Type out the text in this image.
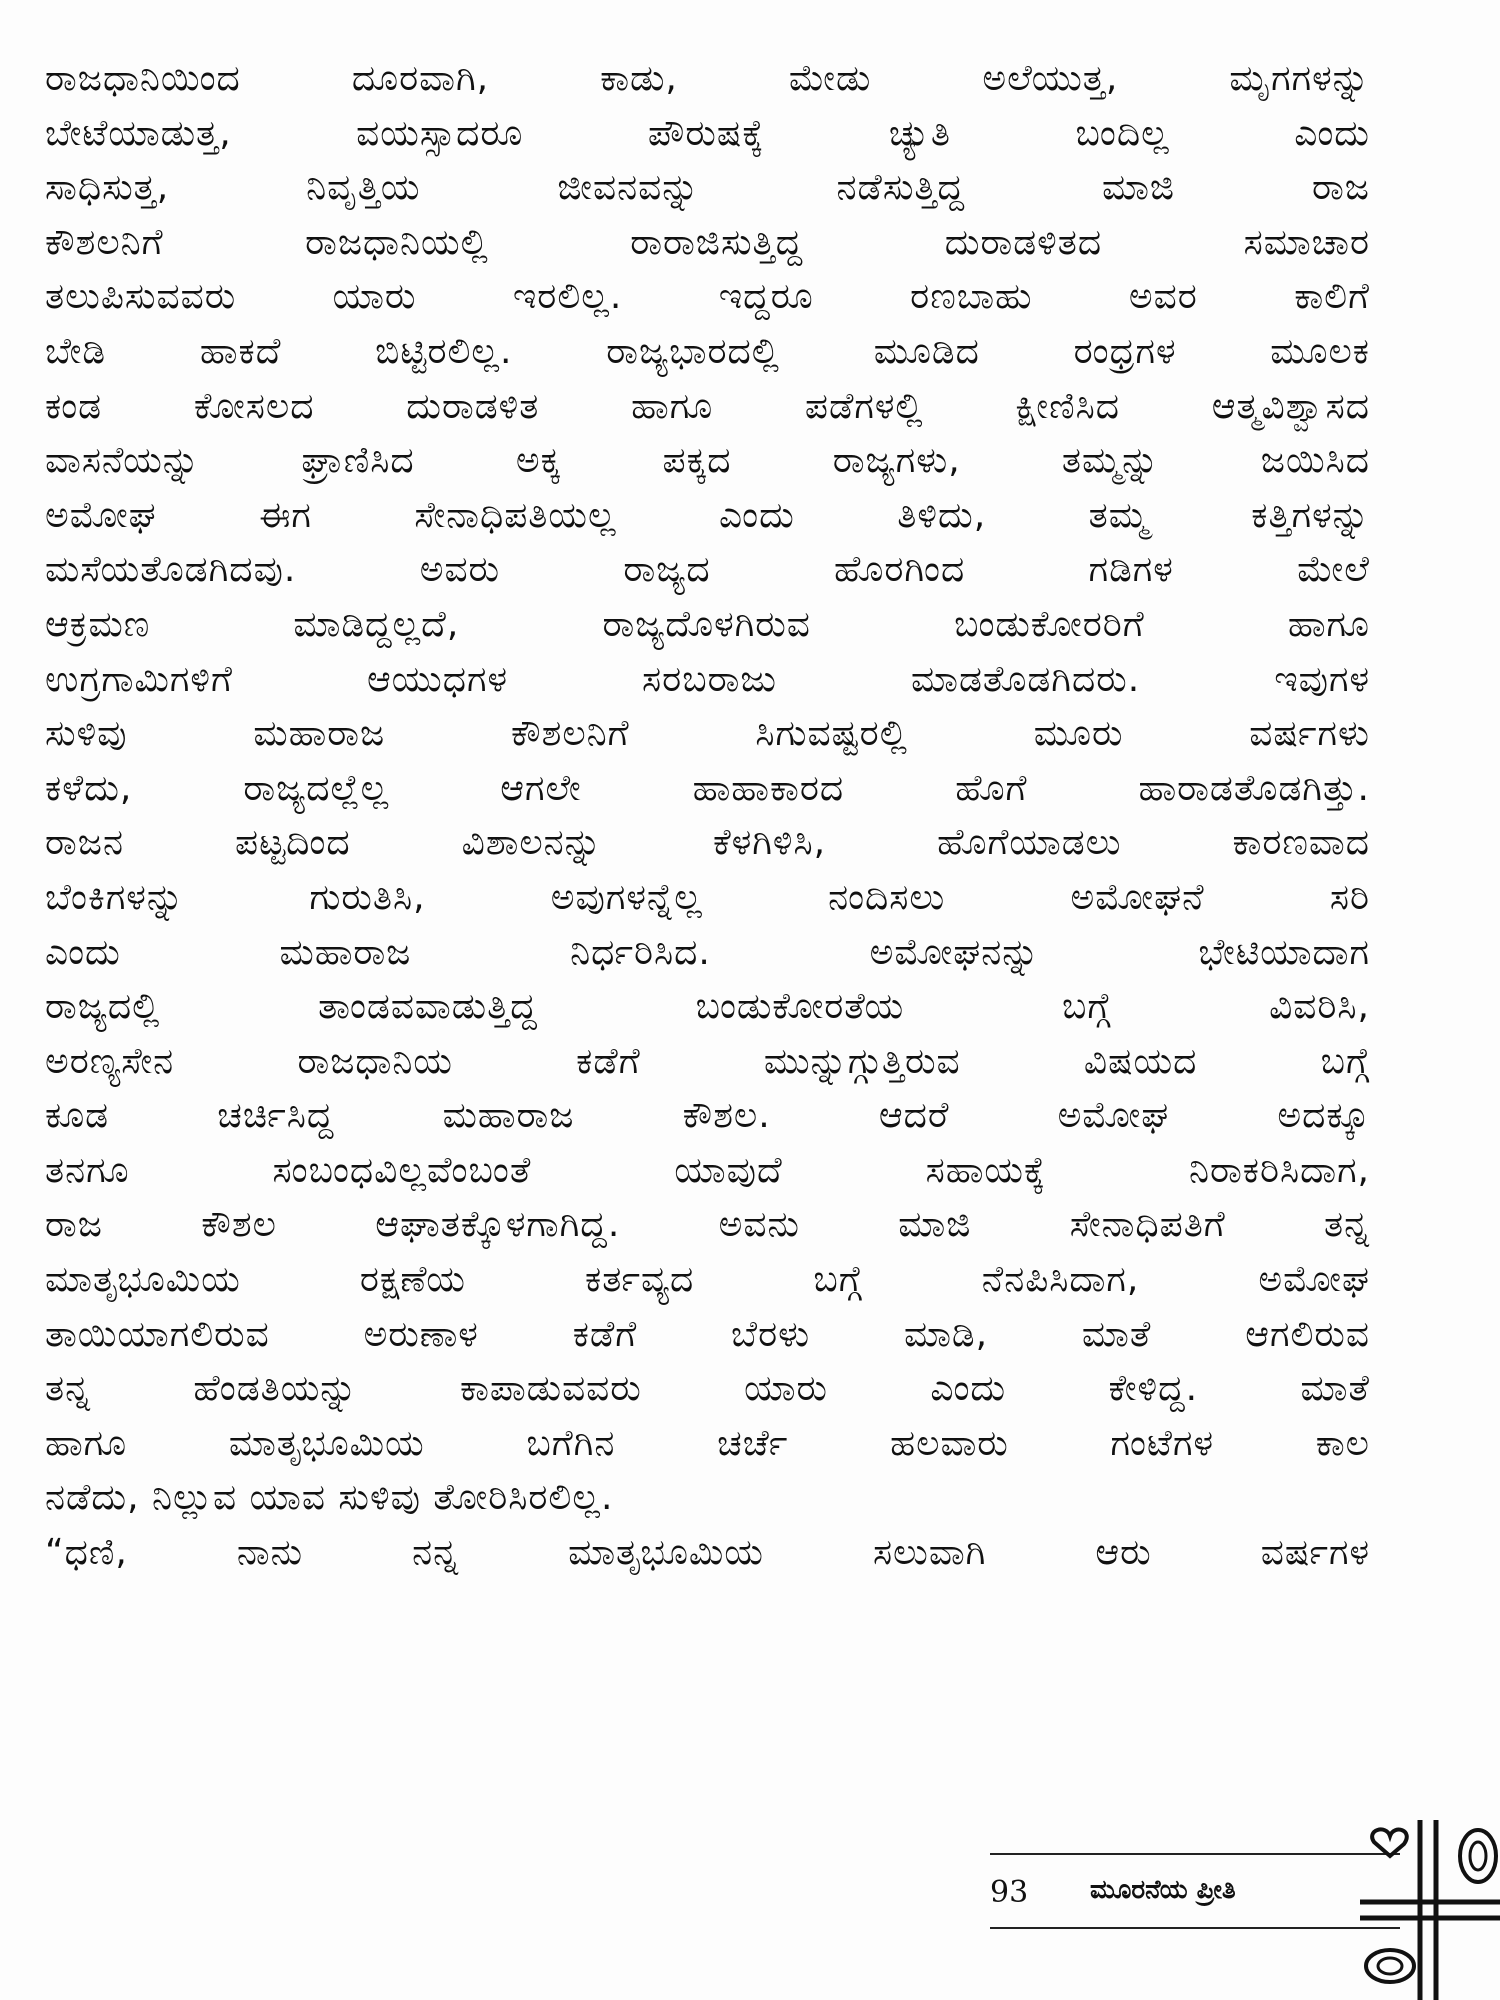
ರಾಜಧಾನಿಯಿಂದ ದೂರವಾಗಿ, ಕಾಡು, ಮೇಡು ಅಲೆಯುತ್ತ, ಮೃಗಗಳನ್ನು
ಬೇಟೆಯಾಡುತ್ತ, ವಯಸ್ಸಾದರೂ ಪೌರುಷಕ್ಕೆ ಚ್ಯುತಿ ಬಂದಿಲ್ಲ ಎಂದು
ಸಾಧಿಸುತ್ತ, ನಿವೃತ್ತಿಯ ಜೀವನವನ್ನು ನಡೆಸುತ್ತಿದ್ದ ಮಾಜಿ ರಾಜ
ಕೌಶಲನಿಗೆ ರಾಜಧಾನಿಯಲ್ಲಿ ರಾರಾಜಿಸುತ್ತಿದ್ದ ದುರಾಡಳಿತದ ಸಮಾಚಾರ
ತಲುಪಿಸುವವರು ಯಾರು ಇರಲಿಲ್ಲ. ಇದ್ದರೂ ರಣಬಾಹು ಅವರ ಕಾಲಿಗೆ
ಬೇಡಿ ಹಾಕದೆ ಬಿಟ್ಟಿರಲಿಲ್ಲ. ರಾಜ್ಯಭಾರದಲ್ಲಿ ಮೂಡಿದ ರಂಧ್ರಗಳ ಮೂಲಕ
ಕಂಡ ಕೋಸಲದ ದುರಾಡಳಿತ ಹಾಗೂ ಪಡೆಗಳಲ್ಲಿ ಕ್ಷೀಣಿಸಿದ ಆತ್ಮವಿಶ್ವಾಸದ
ವಾಸನೆಯನ್ನು ಘ್ರಾಣಿಸಿದ ಅಕ್ಕ ಪಕ್ಕದ ರಾಜ್ಯಗಳು, ತಮ್ಮನ್ನು ಜಯಿಸಿದ
ಅಮೋಘ ಈಗ ಸೇನಾಧಿಪತಿಯಲ್ಲ ಎಂದು ತಿಳಿದು, ತಮ್ಮ ಕತ್ತಿಗಳನ್ನು
ಮಸೆಯತೊಡಗಿದವು. ಅವರು ರಾಜ್ಯದ ಹೊರಗಿಂದ ಗಡಿಗಳ ಮೇಲೆ
ಆಕ್ರಮಣ ಮಾಡಿದ್ದಲ್ಲದೆ, ರಾಜ್ಯದೊಳಗಿರುವ ಬಂಡುಕೋರರಿಗೆ ಹಾಗೂ
ಉಗ್ರಗಾಮಿಗಳಿಗೆ ಆಯುಧಗಳ ಸರಬರಾಜು ಮಾಡತೊಡಗಿದರು. ಇವುಗಳ
ಸುಳಿವು ಮಹಾರಾಜ ಕೌಶಲನಿಗೆ ಸಿಗುವಷ್ಟರಲ್ಲಿ ಮೂರು ವರ್ಷಗಳು
ಕಳೆದು, ರಾಜ್ಯದಲ್ಲೆಲ್ಲ ಆಗಲೇ ಹಾಹಾಕಾರದ ಹೊಗೆ ಹಾರಾಡತೊಡಗಿತ್ತು.
ರಾಜನ ಪಟ್ಟದಿಂದ ವಿಶಾಲನನ್ನು ಕೆಳಗಿಳಿಸಿ, ಹೊಗೆಯಾಡಲು ಕಾರಣವಾದ
ಬೆಂಕಿಗಳನ್ನು ಗುರುತಿಸಿ, ಅವುಗಳನ್ನೆಲ್ಲ ನಂದಿಸಲು ಅಮೋಘನೆ ಸರಿ
ಎಂದು ಮಹಾರಾಜ ನಿರ್ಧರಿಸಿದ. ಅಮೋಘನನ್ನು ಭೇಟಿಯಾದಾಗ
ರಾಜ್ಯದಲ್ಲಿ ತಾಂಡವವಾಡುತ್ತಿದ್ದ ಬಂಡುಕೋರತೆಯ ಬಗ್ಗೆ ವಿವರಿಸಿ,
ಅರಣ್ಯಸೇನ ರಾಜಧಾನಿಯ ಕಡೆಗೆ ಮುನ್ನುಗ್ಗುತ್ತಿರುವ ವಿಷಯದ ಬಗ್ಗೆ
ಕೂಡ ಚರ್ಚಿಸಿದ್ದ ಮಹಾರಾಜ ಕೌಶಲ. ಆದರೆ ಅಮೋಘ ಅದಕ್ಕೂ
ತನಗೂ ಸಂಬಂಧವಿಲ್ಲವೆಂಬಂತೆ ಯಾವುದೆ ಸಹಾಯಕ್ಕೆ ನಿರಾಕರಿಸಿದಾಗ,
ರಾಜ ಕೌಶಲ ಆಘಾತಕ್ಕೊಳಗಾಗಿದ್ದ. ಅವನು ಮಾಜಿ ಸೇನಾಧಿಪತಿಗೆ ತನ್ನ
ಮಾತೃಭೂಮಿಯ ರಕ್ಷಣೆಯ ಕರ್ತವ್ಯದ ಬಗ್ಗೆ ನೆನಪಿಸಿದಾಗ, ಅಮೋಘ
ತಾಯಿಯಾಗಲಿರುವ ಅರುಣಾಳ ಕಡೆಗೆ ಬೆರಳು ಮಾಡಿ, ಮಾತೆ ಆಗಲಿರುವ
ತನ್ನ ಹೆಂಡತಿಯನ್ನು ಕಾಪಾಡುವವರು ಯಾರು ಎಂದು ಕೇಳಿದ್ದ. ಮಾತೆ
ಹಾಗೂ ಮಾತೃಭೂಮಿಯ ಬಗೆಗಿನ ಚರ್ಚೆ ಹಲವಾರು ಗಂಟೆಗಳ ಕಾಲ
ನಡೆದು, ನಿಲ್ಲುವ ಯಾವ ಸುಳಿವು ತೋರಿಸಿರಲಿಲ್ಲ.
“ಧಣಿ, ನಾನು ನನ್ನ ಮಾತೃಭೂಮಿಯ ಸಲುವಾಗಿ ಆರು ವರ್ಷಗಳ
93 ಮೂರನೆಯ ಪ್ರೀತಿ
